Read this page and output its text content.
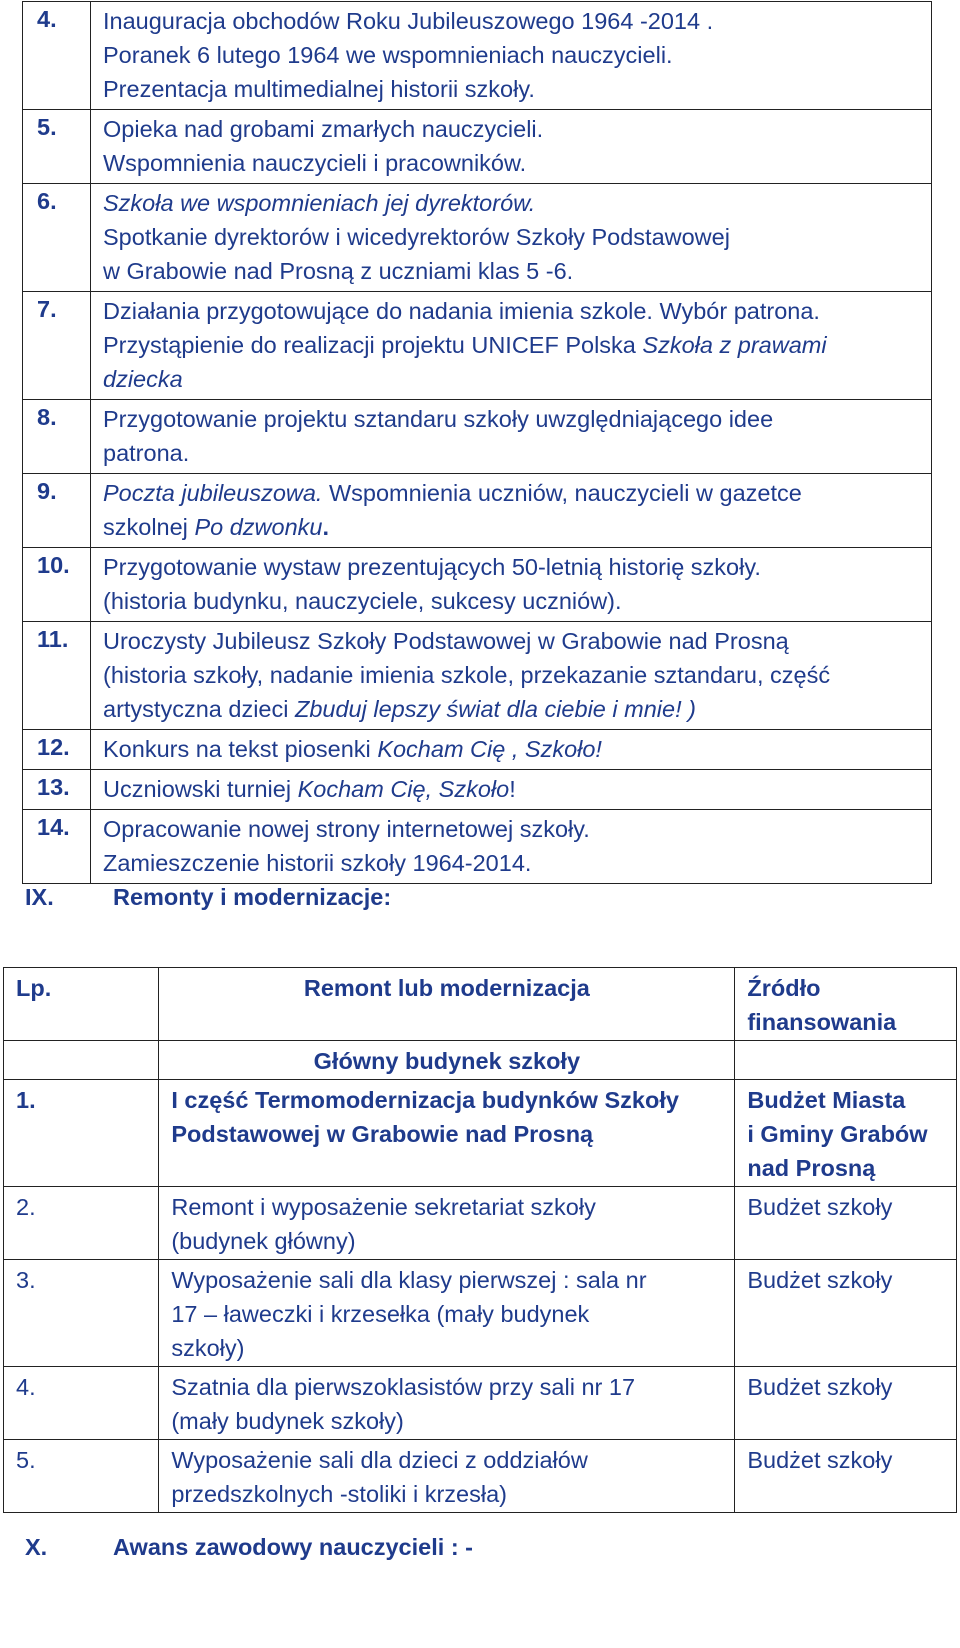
4.	Inauguracja obchodów Roku Jubileuszowego 1964 -2014 .
Poranek 6 lutego 1964 we wspomnieniach nauczycieli.
Prezentacja multimedialnej historii szkoły.

5.	Opieka nad grobami zmarłych nauczycieli.
Wspomnienia nauczycieli i pracowników.

6.	Szkoła we wspomnieniach jej dyrektorów.
Spotkanie dyrektorów i wicedyrektorów Szkoły Podstawowej
w Grabowie nad Prosną z uczniami klas 5 -6.

7.	Działania przygotowujące do nadania imienia szkole. Wybór patrona.
Przystąpienie do realizacji projektu UNICEF Polska Szkoła z prawami
dziecka

8.	Przygotowanie projektu sztandaru szkoły uwzględniającego idee
patrona.

9.	Poczta jubileuszowa. Wspomnienia uczniów, nauczycieli w gazetce
szkolnej Po dzwonku.

10.	Przygotowanie wystaw prezentujących 50-letnią historię szkoły.
(historia budynku, nauczyciele, sukcesy uczniów).

11.	Uroczysty Jubileusz Szkoły Podstawowej w Grabowie nad Prosną
(historia szkoły, nadanie imienia szkole, przekazanie sztandaru, część
artystyczna dzieci Zbuduj lepszy świat dla ciebie i mnie! )

12.	Konkurs na tekst piosenki Kocham Cię , Szkoło!

13.	Uczniowski turniej Kocham Cię, Szkoło!

14.	Opracowanie nowej strony internetowej szkoły.
Zamieszczenie historii szkoły 1964-2014.
IX.	Remonty i modernizacje:
Lp.	Remont lub modernizacja	Źródło
finansowania

	Główny budynek szkoły	
1.	I część Termomodernizacja budynków Szkoły
Podstawowej w Grabowie nad Prosną	Budżet Miasta
i Gminy Grabów
nad Prosną

2.	Remont i wyposażenie sekretariat szkoły
(budynek główny)	Budżet szkoły

3.	Wyposażenie sali dla klasy pierwszej : sala nr
17 – ławeczki i krzesełka (mały budynek
szkoły)	Budżet szkoły

4.	Szatnia dla pierwszoklasistów przy sali nr 17
(mały budynek szkoły)	Budżet szkoły

5.	Wyposażenie sali dla dzieci z oddziałów
przedszkolnych -stoliki i krzesła)	Budżet szkoły
X.	Awans zawodowy nauczycieli : -
